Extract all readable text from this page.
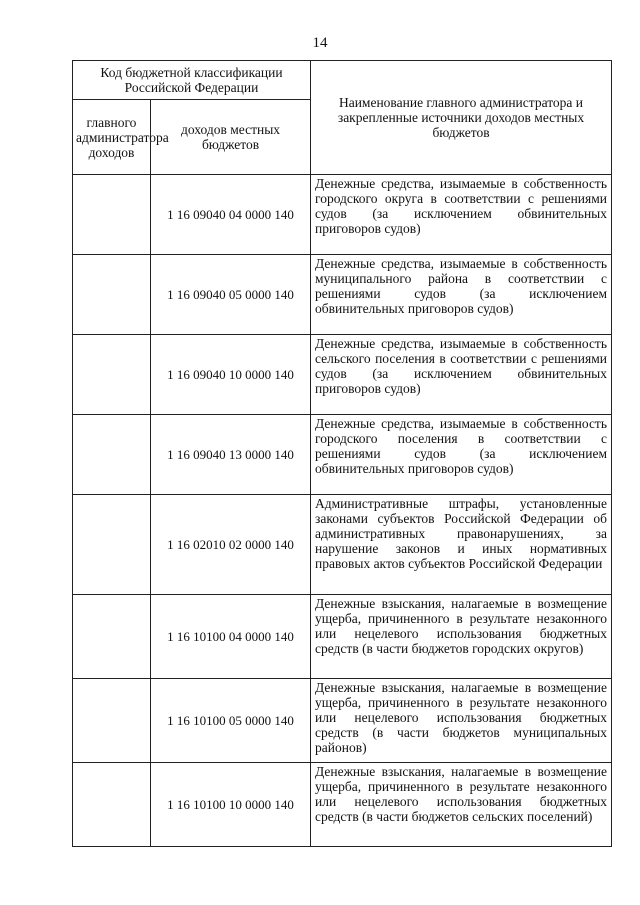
14
Код бюджетной классификации Российской Федерации		Наименование главного администратора и закрепленные источники доходов местных бюджетов
главного администратора доходов	доходов местных бюджетов	
	1 16 09040 04 0000 140	Денежные средства, изымаемые в собственность городского округа в соответствии с решениями судов (за исключением обвинительных приговоров судов)
	1 16 09040 05 0000 140	Денежные средства, изымаемые в собственность муниципального района в соответствии с решениями судов (за исключением обвинительных приговоров судов)
	1 16 09040 10 0000 140	Денежные средства, изымаемые в собственность сельского поселения в соответствии с решениями судов (за исключением обвинительных приговоров судов)
	1 16 09040 13 0000 140	Денежные средства, изымаемые в собственность городского поселения в соответствии с решениями судов (за исключением обвинительных приговоров судов)
	1 16 02010 02 0000 140	Административные штрафы, установленные законами субъектов Российской Федерации об административных правонарушениях, за нарушение законов и иных нормативных правовых актов субъектов Российской Федерации
	1 16 10100 04 0000 140	Денежные взыскания, налагаемые в возмещение ущерба, причиненного в результате незаконного или нецелевого использования бюджетных средств (в части бюджетов городских округов)
	1 16 10100 05 0000 140	Денежные взыскания, налагаемые в возмещение ущерба, причиненного в результате незаконного или нецелевого использования бюджетных средств (в части бюджетов муниципальных районов)
	1 16 10100 10 0000 140	Денежные взыскания, налагаемые в возмещение ущерба, причиненного в результате незаконного или нецелевого использования бюджетных средств (в части бюджетов сельских поселений)
